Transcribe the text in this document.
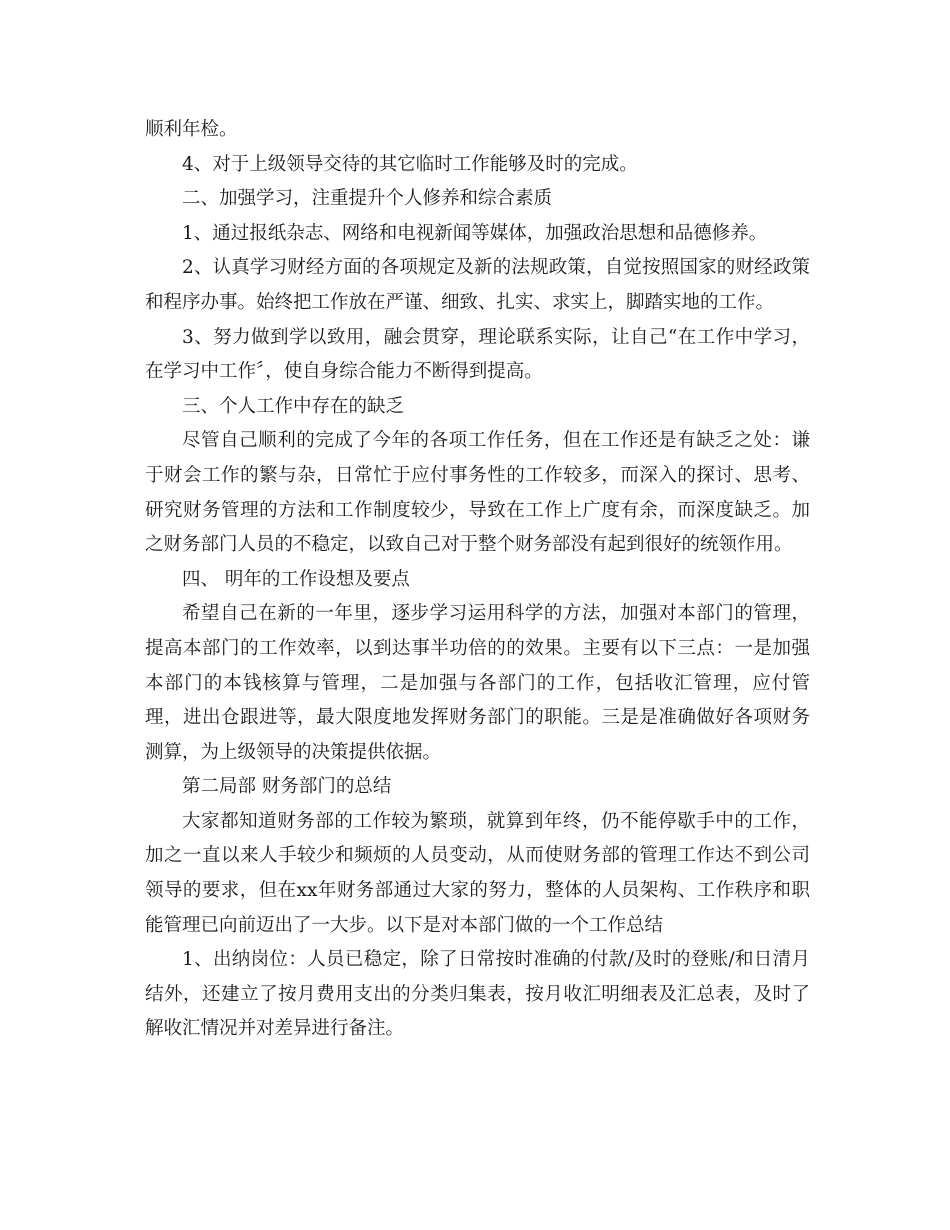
顺利年检。

4、对于上级领导交待的其它临时工作能够及时的完成。

二、加强学习，注重提升个人修养和综合素质

1、通过报纸杂志、网络和电视新闻等媒体，加强政治思想和品德修养。

2、认真学习财经方面的各项规定及新的法规政策，自觉按照国家的财经政策和程序办事。始终把工作放在严谨、细致、扎实、求实上，脚踏实地的工作。

3、努力做到学以致用，融会贯穿，理论联系实际，让自己“在工作中学习，在学习中工作〞，使自身综合能力不断得到提高。

三、个人工作中存在的缺乏

尽管自己顺利的完成了今年的各项工作任务，但在工作还是有缺乏之处：谦于财会工作的繁与杂，日常忙于应付事务性的工作较多，而深入的探讨、思考、研究财务管理的方法和工作制度较少，导致在工作上广度有余，而深度缺乏。加之财务部门人员的不稳定，以致自己对于整个财务部没有起到很好的统领作用。

四、 明年的工作设想及要点

希望自己在新的一年里，逐步学习运用科学的方法，加强对本部门的管理，提高本部门的工作效率，以到达事半功倍的的效果。主要有以下三点：一是加强本部门的本钱核算与管理，二是加强与各部门的工作，包括收汇管理，应付管理，进出仓跟进等，最大限度地发挥财务部门的职能。三是是准确做好各项财务测算，为上级领导的决策提供依据。

第二局部 财务部门的总结

大家都知道财务部的工作较为繁琐，就算到年终，仍不能停歇手中的工作，加之一直以来人手较少和频烦的人员变动，从而使财务部的管理工作达不到公司领导的要求，但在xx年财务部通过大家的努力，整体的人员架构、工作秩序和职能管理已向前迈出了一大步。以下是对本部门做的一个工作总结

1、出纳岗位：人员已稳定，除了日常按时准确的付款/及时的登账/和日清月结外，还建立了按月费用支出的分类归集表，按月收汇明细表及汇总表，及时了解收汇情况并对差异进行备注。
